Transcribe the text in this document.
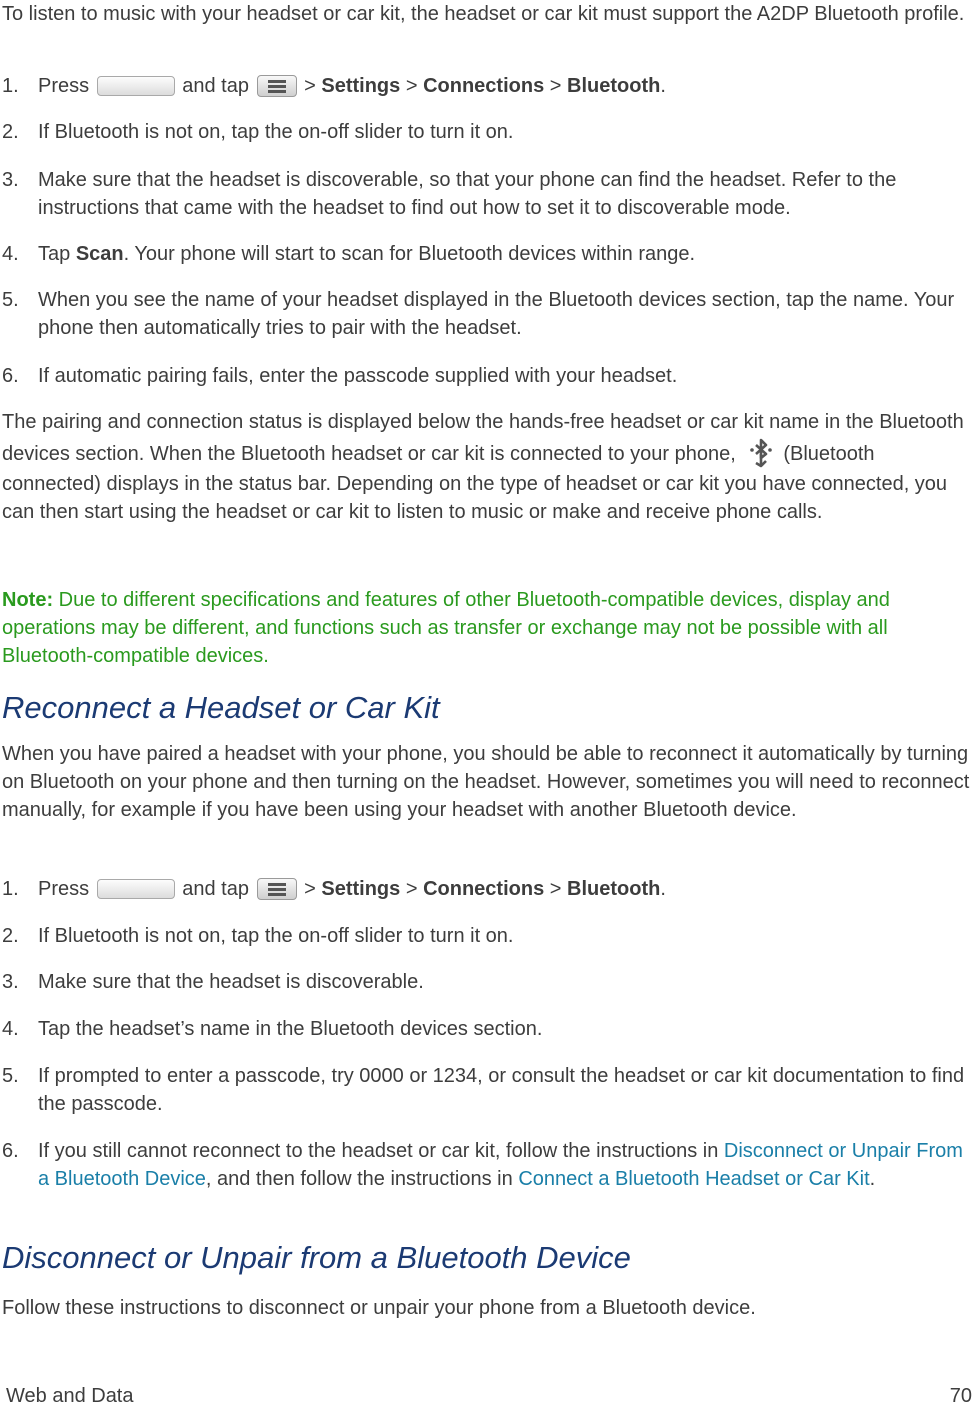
To listen to music with your headset or car kit, the headset or car kit must support the A2DP Bluetooth profile.

1. Press	and tap	> Settings > Connections > Bluetooth.

2. If Bluetooth is not on, tap the on-off slider to turn it on.

3. Make sure that the headset is discoverable, so that your phone can find the headset. Refer to the instructions that came with the headset to find out how to set it to discoverable mode.

4. Tap Scan. Your phone will start to scan for Bluetooth devices within range.

5. When you see the name of your headset displayed in the Bluetooth devices section, tap the name. Your phone then automatically tries to pair with the headset.

6. If automatic pairing fails, enter the passcode supplied with your headset.

The pairing and connection status is displayed below the hands-free headset or car kit name in the Bluetooth devices section. When the Bluetooth headset or car kit is connected to your phone, (Bluetooth connected) displays in the status bar. Depending on the type of headset or car kit you have connected, you can then start using the headset or car kit to listen to music or make and receive phone calls.

Note: Due to different specifications and features of other Bluetooth-compatible devices, display and operations may be different, and functions such as transfer or exchange may not be possible with all Bluetooth-compatible devices.

Reconnect a Headset or Car Kit

When you have paired a headset with your phone, you should be able to reconnect it automatically by turning on Bluetooth on your phone and then turning on the headset. However, sometimes you will need to reconnect manually, for example if you have been using your headset with another Bluetooth device.

1. Press	and tap	> Settings > Connections > Bluetooth.

2. If Bluetooth is not on, tap the on-off slider to turn it on.

3. Make sure that the headset is discoverable.

4. Tap the headset’s name in the Bluetooth devices section.

5. If prompted to enter a passcode, try 0000 or 1234, or consult the headset or car kit documentation to find the passcode.

6. If you still cannot reconnect to the headset or car kit, follow the instructions in Disconnect or Unpair From a Bluetooth Device, and then follow the instructions in Connect a Bluetooth Headset or Car Kit.

Disconnect or Unpair from a Bluetooth Device

Follow these instructions to disconnect or unpair your phone from a Bluetooth device.

Web and Data	70
